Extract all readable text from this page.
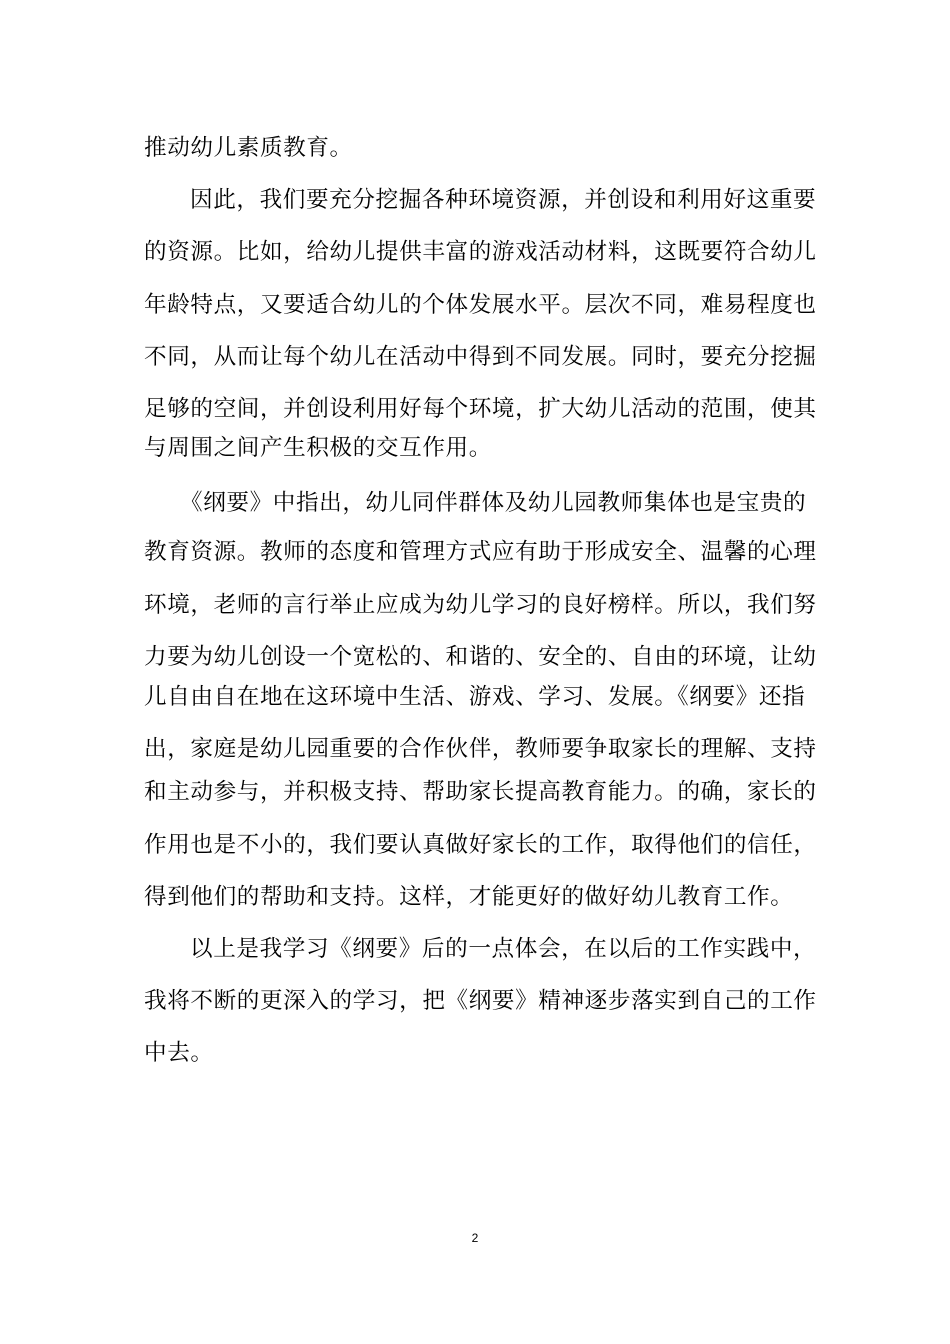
推动幼儿素质教育。
因此，我们要充分挖掘各种环境资源，并创设和利用好这重要
的资源。比如，给幼儿提供丰富的游戏活动材料，这既要符合幼儿
年龄特点，又要适合幼儿的个体发展水平。层次不同，难易程度也
不同，从而让每个幼儿在活动中得到不同发展。同时，要充分挖掘
足够的空间，并创设利用好每个环境，扩大幼儿活动的范围，使其
与周围之间产生积极的交互作用。
《纲要》中指出，幼儿同伴群体及幼儿园教师集体也是宝贵的
教育资源。教师的态度和管理方式应有助于形成安全、温馨的心理
环境，老师的言行举止应成为幼儿学习的良好榜样。所以，我们努
力要为幼儿创设一个宽松的、和谐的、安全的、自由的环境，让幼
儿自由自在地在这环境中生活、游戏、学习、发展。《纲要》还指
出，家庭是幼儿园重要的合作伙伴，教师要争取家长的理解、支持
和主动参与，并积极支持、帮助家长提高教育能力。的确，家长的
作用也是不小的，我们要认真做好家长的工作，取得他们的信任，
得到他们的帮助和支持。这样，才能更好的做好幼儿教育工作。
以上是我学习《纲要》后的一点体会，在以后的工作实践中，
我将不断的更深入的学习，把《纲要》精神逐步落实到自己的工作
中去。
2
